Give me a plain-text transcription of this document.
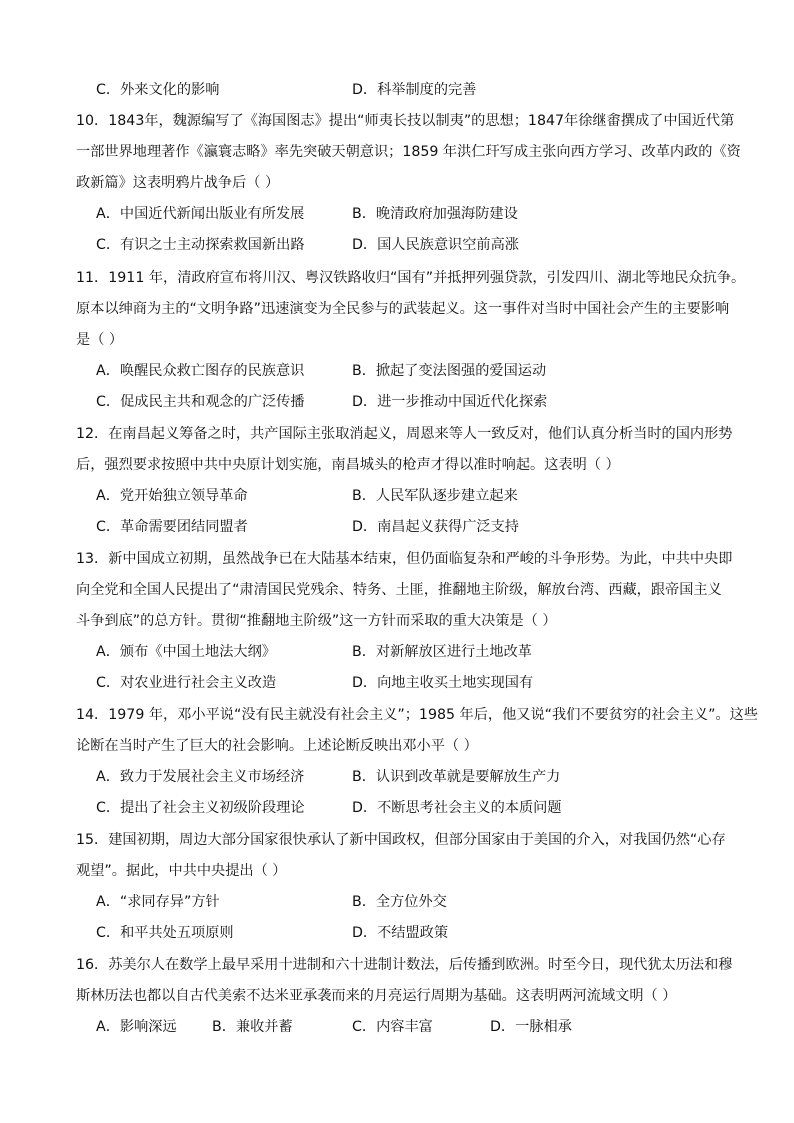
C．外来文化的影响	D．科举制度的完善
10．1843年，魏源编写了《海国图志》提出“师夷长技以制夷”的思想；1847年徐继畬撰成了中国近代第
一部世界地理著作《瀛寰志略》率先突破天朝意识；1859 年洪仁玕写成主张向西方学习、改革内政的《资
政新篇》这表明鸦片战争后（ ）
A．中国近代新闻出版业有所发展	B．晚清政府加强海防建设
C．有识之士主动探索救国新出路	D．国人民族意识空前高涨
11．1911 年，清政府宣布将川汉、粤汉铁路收归“国有”并抵押列强贷款，引发四川、湖北等地民众抗争。
原本以绅商为主的“文明争路”迅速演变为全民参与的武装起义。这一事件对当时中国社会产生的主要影响
是（ ）
A．唤醒民众救亡图存的民族意识	B．掀起了变法图强的爱国运动
C．促成民主共和观念的广泛传播	D．进一步推动中国近代化探索
12．在南昌起义筹备之时，共产国际主张取消起义，周恩来等人一致反对，他们认真分析当时的国内形势
后，强烈要求按照中共中央原计划实施，南昌城头的枪声才得以准时响起。这表明（ ）
A．党开始独立领导革命	B．人民军队逐步建立起来
C．革命需要团结同盟者	D．南昌起义获得广泛支持
13．新中国成立初期，虽然战争已在大陆基本结束，但仍面临复杂和严峻的斗争形势。为此，中共中央即
向全党和全国人民提出了“肃清国民党残余、特务、土匪，推翻地主阶级，解放台湾、西藏，跟帝国主义
斗争到底”的总方针。贯彻“推翻地主阶级”这一方针而采取的重大决策是（ ）
A．颁布《中国土地法大纲》	B．对新解放区进行土地改革
C．对农业进行社会主义改造	D．向地主收买土地实现国有
14．1979 年，邓小平说“没有民主就没有社会主义”；1985 年后，他又说“我们不要贫穷的社会主义”。这些
论断在当时产生了巨大的社会影响。上述论断反映出邓小平（ ）
A．致力于发展社会主义市场经济	B．认识到改革就是要解放生产力
C．提出了社会主义初级阶段理论	D．不断思考社会主义的本质问题
15．建国初期，周边大部分国家很快承认了新中国政权，但部分国家由于美国的介入，对我国仍然“心存
观望”。据此，中共中央提出（ ）
A．“求同存异”方针	B．全方位外交
C．和平共处五项原则	D．不结盟政策
16．苏美尔人在数学上最早采用十进制和六十进制计数法，后传播到欧洲。时至今日，现代犹太历法和穆
斯林历法也都以自古代美索不达米亚承袭而来的月亮运行周期为基础。这表明两河流域文明（ ）
A．影响深远 B．兼收并蓄	C．内容丰富	D．一脉相承
